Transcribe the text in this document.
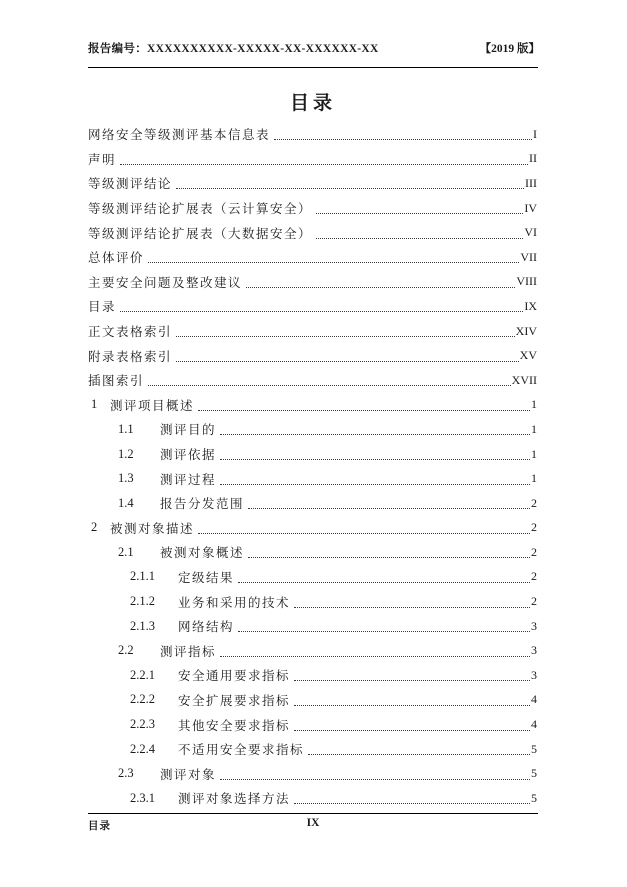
报告编号：XXXXXXXXXX-XXXXX-XX-XXXXXX-XX	【2019 版】
目录
网络安全等级测评基本信息表	I
声明	II
等级测评结论	III
等级测评结论扩展表（云计算安全）	IV
等级测评结论扩展表（大数据安全）	VI
总体评价	VII
主要安全问题及整改建议	VIII
目录	IX
正文表格索引	XIV
附录表格索引	XV
插图索引	XVII
1	测评项目概述	1
1.1	测评目的	1
1.2	测评依据	1
1.3	测评过程	1
1.4	报告分发范围	2
2	被测对象描述	2
2.1	被测对象概述	2
2.1.1	定级结果	2
2.1.2	业务和采用的技术	2
2.1.3	网络结构	3
2.2	测评指标	3
2.2.1	安全通用要求指标	3
2.2.2	安全扩展要求指标	4
2.2.3	其他安全要求指标	4
2.2.4	不适用安全要求指标	5
2.3	测评对象	5
2.3.1	测评对象选择方法	5
目录	IX
